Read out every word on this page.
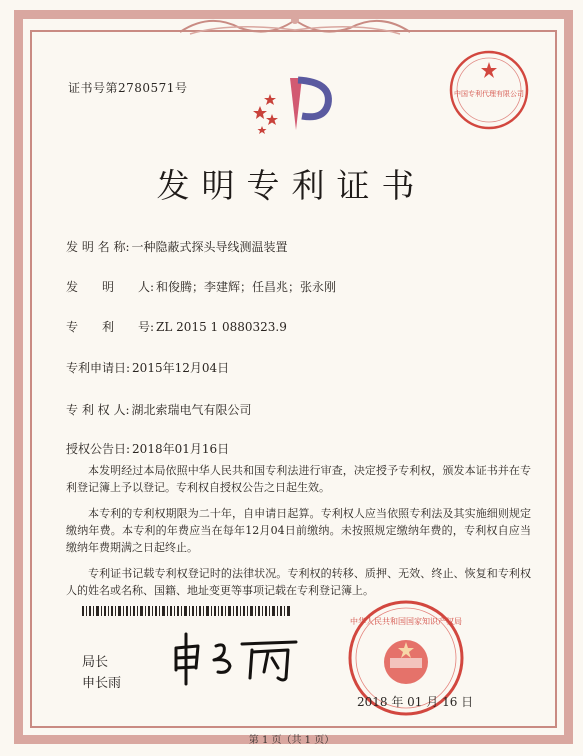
证书号第2780571号	中国专利代理有限公司
发明专利证书
发 明 名 称: 一种隐蔽式探头导线测温装置
发　　明　　人: 和俊腾；李建辉；任昌兆；张永刚
专　　利　　号: ZL 2015 1 0880323.9
专利申请日: 2015年12月04日
专 利 权 人: 湖北索瑞电气有限公司
授权公告日: 2018年01月16日

本发明经过本局依照中华人民共和国专利法进行审查，决定授予专利权，颁发本证书并在专利登记簿上予以登记。专利权自授权公告之日起生效。

本专利的专利权期限为二十年，自申请日起算。专利权人应当依照专利法及其实施细则规定缴纳年费。本专利的年费应当在每年12月04日前缴纳。未按照规定缴纳年费的，专利权自应当缴纳年费期满之日起终止。

专利证书记载专利权登记时的法律状况。专利权的转移、质押、无效、终止、恢复和专利权人的姓名或名称、国籍、地址变更等事项记载在专利登记簿上。

局长
申长雨
中华人民共和国国家知识产权局
2018 年 01 月 16 日
第 1 页（共 1 页）
